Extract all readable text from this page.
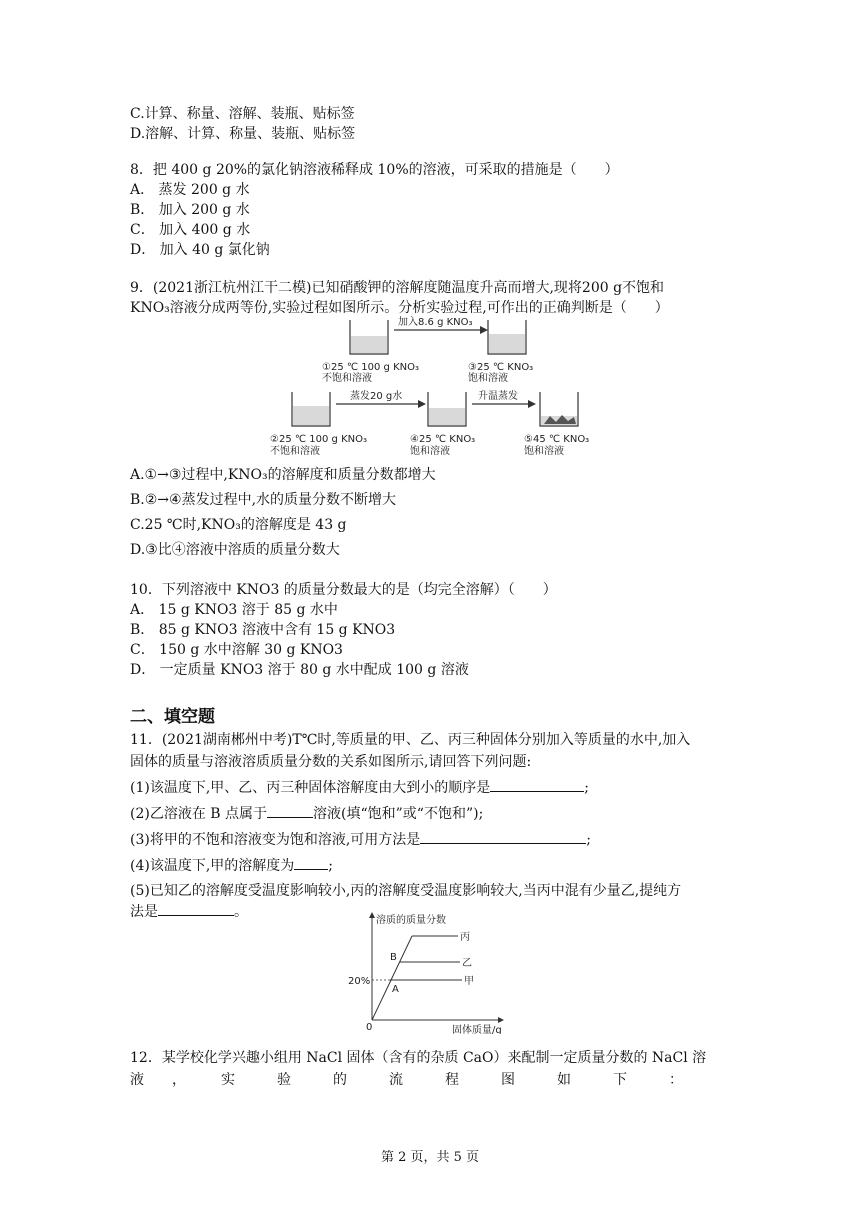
C.计算、称量、溶解、装瓶、贴标签
D.溶解、计算、称量、装瓶、贴标签
8．把 400 g 20%的氯化钠溶液稀释成 10%的溶液，可采取的措施是（　　）
A． 蒸发 200 g 水
B． 加入 200 g 水
C． 加入 400 g 水
D． 加入 40 g 氯化钠
9．(2021浙江杭州江干二模)已知硝酸钾的溶解度随温度升高而增大,现将200 g不饱和
KNO₃溶液分成两等份,实验过程如图所示。分析实验过程,可作出的正确判断是（　　）
加入8.6 g KNO₃
①25 ℃ 100 g KNO₃
不饱和溶液
③25 ℃ KNO₃
饱和溶液
蒸发20 g水	升温蒸发
②25 ℃ 100 g KNO₃
不饱和溶液
④25 ℃ KNO₃
饱和溶液
⑤45 ℃ KNO₃
饱和溶液
A.①→③过程中,KNO₃的溶解度和质量分数都增大
B.②→④蒸发过程中,水的质量分数不断增大
C.25 ℃时,KNO₃的溶解度是 43 g
D.③比④溶液中溶质的质量分数大
10．下列溶液中 KNO3 的质量分数最大的是（均完全溶解）（　　）
A． 15 g KNO3 溶于 85 g 水中
B． 85 g KNO3 溶液中含有 15 g KNO3
C． 150 g 水中溶解 30 g KNO3
D． 一定质量 KNO3 溶于 80 g 水中配成 100 g 溶液
二、填空题
11．(2021湖南郴州中考)T℃时,等质量的甲、乙、丙三种固体分别加入等质量的水中,加入
固体的质量与溶液溶质质量分数的关系如图所示,请回答下列问题:
(1)该温度下,甲、乙、丙三种固体溶解度由大到小的顺序是	;
(2)乙溶液在 B 点属于	溶液(填“饱和”或“不饱和”);
(3)将甲的不饱和溶液变为饱和溶液,可用方法是	;
(4)该温度下,甲的溶解度为 ;
(5)已知乙的溶解度受温度影响较小,丙的溶解度受温度影响较大,当丙中混有少量乙,提纯方
法是	。
溶质的质量分数
固体质量/g
0
20%
丙
乙
甲
B
A
12．某学校化学兴趣小组用 NaCl 固体（含有的杂质 CaO）来配制一定质量分数的 NaCl 溶
液　　，　　　实　　　验　　　的　　　流　　　程　　　图　　　如　　　下　　　：
第 2 页，共 5 页
